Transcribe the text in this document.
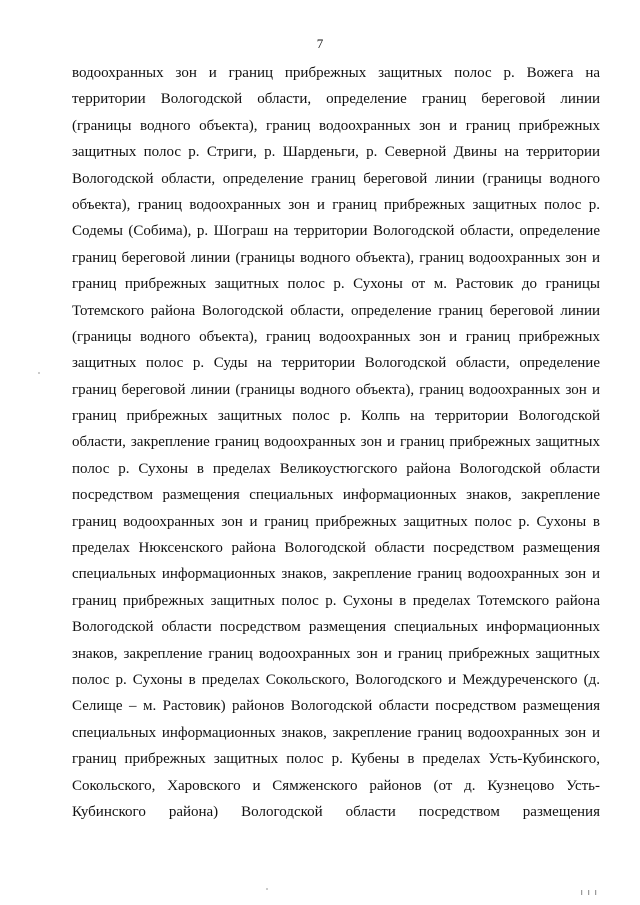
7
водоохранных зон и границ прибрежных защитных полос р. Вожега на
территории Вологодской области, определение границ береговой линии
(границы водного объекта), границ водоохранных зон и границ прибрежных
защитных полос р. Стриги, р. Шарденьги, р. Северной Двины на территории
Вологодской области, определение границ береговой линии (границы водного
объекта), границ водоохранных зон и границ прибрежных защитных полос р.
Содемы (Собима), р. Шограш на территории Вологодской области, определение
границ береговой линии (границы водного объекта), границ водоохранных зон и
границ прибрежных защитных полос р. Сухоны от м. Растовик до границы
Тотемского района Вологодской области, определение границ береговой линии
(границы водного объекта), границ водоохранных зон и границ прибрежных
защитных полос р. Суды на территории Вологодской области, определение
границ береговой линии (границы водного объекта), границ водоохранных зон и
границ прибрежных защитных полос р. Колпь на территории Вологодской
области, закрепление границ водоохранных зон и границ прибрежных защитных
полос р. Сухоны в пределах Великоустюгского района Вологодской области
посредством размещения специальных информационных знаков, закрепление
границ водоохранных зон и границ прибрежных защитных полос р. Сухоны в
пределах Нюксенского района Вологодской области посредством размещения
специальных информационных знаков, закрепление границ водоохранных зон и
границ прибрежных защитных полос р. Сухоны в пределах Тотемского района
Вологодской области посредством размещения специальных информационных
знаков, закрепление границ водоохранных зон и границ прибрежных защитных
полос р. Сухоны в пределах Сокольского, Вологодского и Междуреченского (д.
Селище – м. Растовик) районов Вологодской области посредством размещения
специальных информационных знаков, закрепление границ водоохранных зон и
границ прибрежных защитных полос р. Кубены в пределах Усть-Кубинского,
Сокольского, Харовского и Сямженского районов (от д. Кузнецово Усть-
Кубинского района) Вологодской области посредством размещения
ı ı ı
